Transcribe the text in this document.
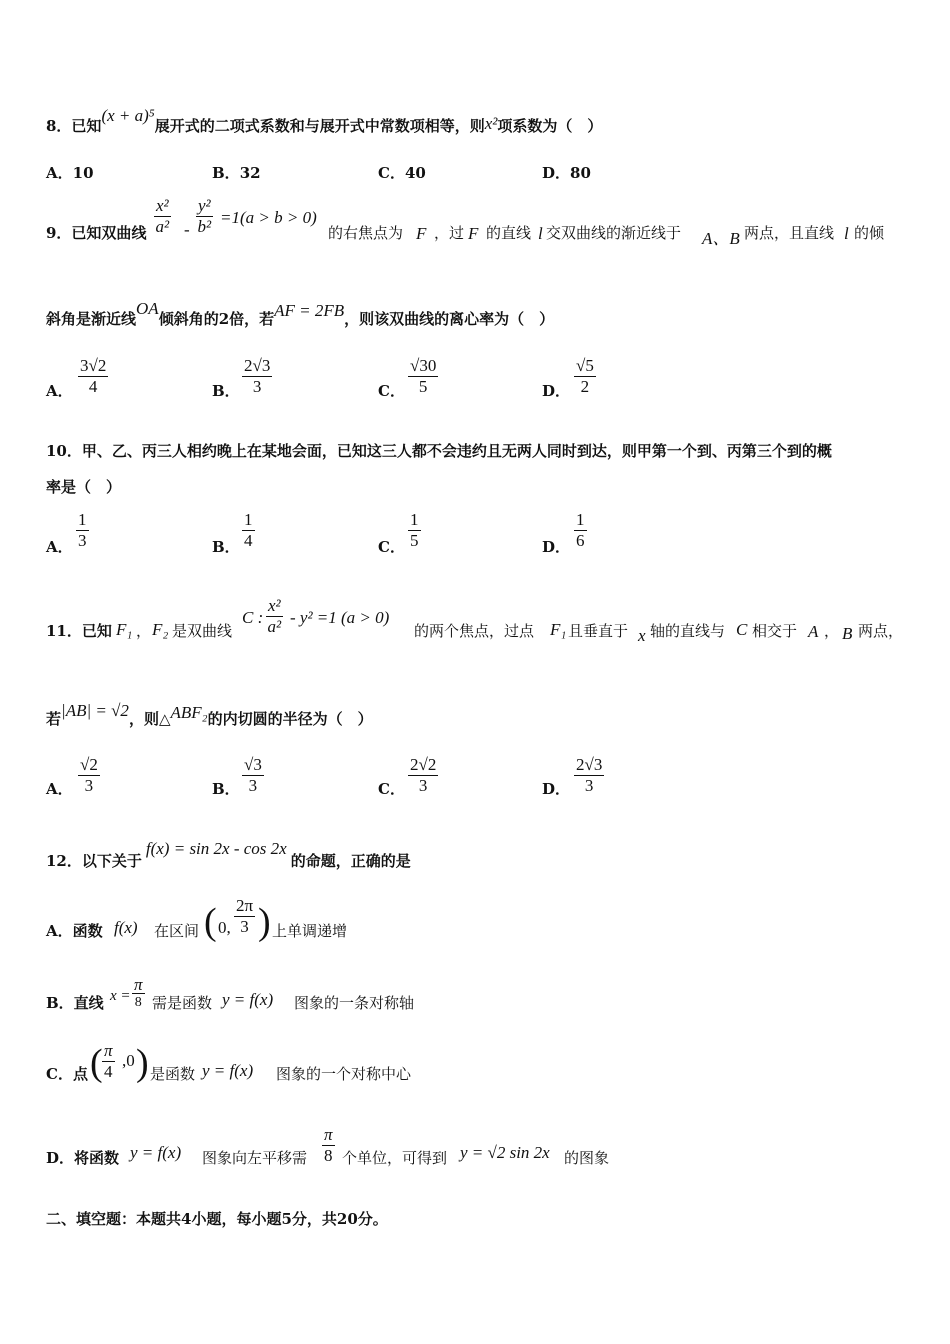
8．已知(x + a)⁵展开式的二项式系数和与展开式中常数项相等，则x²项系数为（　）
A．10	B．32	C．40	D．80
9．已知双曲线 $\frac{\text{x²}}{\text{a²}} - \frac{\text{y²}}{\text{b²}} =1(a > b > 0)$
的右焦点为 F ，过 F 的直线 l 交双曲线的渐近线于 A、B 两点，且直线 l 的倾
斜角是渐近线OA倾斜角的2倍，若AF = 2FB，则该双曲线的离心率为（　）
A． $\frac{3√2}{4}$	B． $\frac{2√3}{3}$	C． $\frac{√30}{5}$	D． $\frac{√5}{2}$
10．甲、乙、丙三人相约晚上在某地会面，已知这三人都不会违约且无两人同时到达，则甲第一个到、丙第三个到的概
率是（　）
A． $\frac{1}{3}$	B． $\frac{1}{4}$	C． $\frac{1}{5}$	D． $\frac{1}{6}$
11．已知 F₁ ， F₂ 是双曲线
C : $\frac{\text{x²}}{\text{a²}} - y^2 =1$ (a > 0)
的两个焦点，过点 F₁ 且垂直于 x 轴的直线与 C 相交于 A ， B 两点，
若|AB| = √2，则△ABF₂的内切圆的半径为（　）
A． $\frac{√2}{3}$	B． $\frac{√3}{3}$	C． $\frac{2√2}{3}$	D． $\frac{2√3}{3}$
12．以下关于f(x) = sin 2x - cos 2x的命题，正确的是
A．函数 f(x) 在区间 ( 0, $\frac{2\pi}{3}$ ) 上单调递增
B．直线 x =
π
8 需是函数 y = f(x) 图象的一条对称轴
C．点 ( $\frac{\pi}{4} ,0$ ) 是函数 y = f(x) 图象的一个对称中心
D．将函数 y = f(x) 图象向左平移需 $\frac{\pi}{8}$ 个单位，可得到 y = √2 sin 2x 的图象
二、填空题：本题共4小题，每小题5分，共20分。
